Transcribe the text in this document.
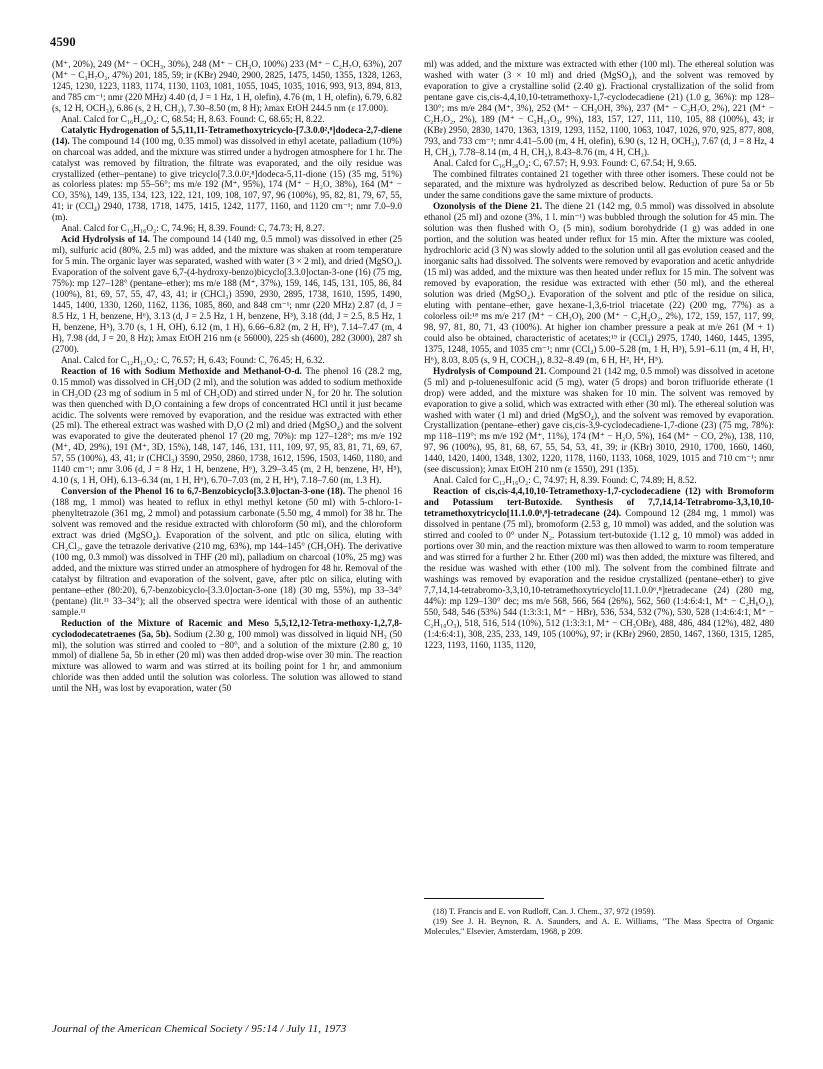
4590

(M⁺, 20%), 249 (M⁺ − OCH₃, 30%), 248 (M⁺ − CH₃O, 100%) 233 (M⁺ − C₂H₇O, 63%), 207 (M⁺ − C₃H₇O₂, 47%) 201, 185, 59; ir (KBr) 2940, 2900, 2825, 1475, 1450, 1355, 1328, 1263, 1245, 1230, 1223, 1183, 1174, 1130, 1103, 1081, 1055, 1045, 1035, 1016, 993, 913, 894, 813, and 785 cm⁻¹; nmr (220 MHz) 4.40 (d, J = 1 Hz, 1 H, olefin), 4.76 (m, 1 H, olefin), 6.79, 6.82 (s, 12 H, OCH₃), 6.86 (s, 2 H, CH₂), 7.30–8.50 (m, 8 H); λmax EtOH 244.5 nm (ε 17.000).

Anal. Calcd for C₁₆H₂₄O₄: C, 68.54; H, 8.63. Found: C, 68.65; H, 8.22.

Catalytic Hydrogenation of 5,5,11,11-Tetramethoxytricyclo-[7.3.0.0²,⁸]dodeca-2,7-diene (14). The compound 14 (100 mg, 0.35 mmol) was dissolved in ethyl acetate, palladium (10%) on charcoal was added, and the mixture was stirred under a hydrogen atmosphere for 1 hr. The catalyst was removed by filtration, the filtrate was evaporated, and the oily residue was crystallized (ether–pentane) to give tricyclo[7.3.0.0²,⁸]dodeca-5,11-dione (15) (35 mg, 51%) as colorless plates: mp 55–56°; ms m/e 192 (M⁺, 95%), 174 (M⁺ − H₂O, 38%), 164 (M⁺ − CO, 35%), 149, 135, 134, 123, 122, 121, 109, 108, 107, 97, 96 (100%), 95, 82, 81, 79, 67, 55, 41; ir (CCl₄) 2940, 1738, 1718, 1475, 1415, 1242, 1177, 1160, and 1120 cm⁻¹; nmr 7.0–9.0 (m).

Anal. Calcd for C₁₂H₁₆O₂: C, 74.96; H, 8.39. Found: C, 74.73; H, 8.27.

Acid Hydrolysis of 14. The compound 14 (140 mg, 0.5 mmol) was dissolved in ether (25 ml), sulfuric acid (80%, 2.5 ml) was added, and the mixture was shaken at room temperature for 5 min. The organic layer was separated, washed with water (3 × 2 ml), and dried (MgSO₄). Evaporation of the solvent gave 6,7-(4-hydroxy-benzo)bicyclo[3.3.0]octan-3-one (16) (75 mg, 75%): mp 127–128° (pentane–ether); ms m/e 188 (M⁺, 37%), 159, 146, 145, 131, 105, 86, 84 (100%), 81, 69, 57, 55, 47, 43, 41; ir (CHCl₃) 3590, 2930, 2895, 1738, 1610, 1595, 1490, 1445, 1400, 1330, 1260, 1162, 1136, 1085, 860, and 848 cm⁻¹; nmr (220 MHz) 2.87 (d, J = 8.5 Hz, 1 H, benzene, H⁶), 3.13 (d, J = 2.5 Hz, 1 H, benzene, H³), 3.18 (dd, J = 2.5, 8.5 Hz, 1 H, benzene, H⁵), 3.70 (s, 1 H, OH), 6.12 (m, 1 H), 6.66–6.82 (m, 2 H, H⁶), 7.14–7.47 (m, 4 H), 7.98 (dd, J = 20, 8 Hz); λmax EtOH 216 nm (ε 56000), 225 sh (4600), 282 (3000), 287 sh (2700).

Anal. Calcd for C₁₂H₁₂O₂: C, 76.57; H, 6.43; Found: C, 76.45; H, 6.32.

Reaction of 16 with Sodium Methoxide and Methanol-O-d. The phenol 16 (28.2 mg, 0.15 mmol) was dissolved in CH₃OD (2 ml), and the solution was added to sodium methoxide in CH₃OD (23 mg of sodium in 5 ml of CH₃OD) and stirred under N₂ for 20 hr. The solution was then quenched with D₂O containing a few drops of concentrated HCl until it just became acidic. The solvents were removed by evaporation, and the residue was extracted with ether (25 ml). The ethereal extract was washed with D₂O (2 ml) and dried (MgSO₄) and the solvent was evaporated to give the deuterated phenol 17 (20 mg, 70%): mp 127–128°; ms m/e 192 (M⁺, 4D, 29%), 191 (M⁺, 3D, 15%), 148, 147, 146, 131, 111, 109, 97, 95, 83, 81, 71, 69, 67, 57, 55 (100%), 43, 41; ir (CHCl₃) 3590, 2950, 2860, 1738, 1612, 1596, 1503, 1460, 1180, and 1140 cm⁻¹; nmr 3.06 (d, J = 8 Hz, 1 H, benzene, H⁶), 3.29–3.45 (m, 2 H, benzene, H³, H⁵), 4.10 (s, 1 H, OH), 6.13–6.34 (m, 1 H, H⁶), 6.70–7.03 (m, 2 H, H⁶), 7.18–7.60 (m, 1.3 H).

Conversion of the Phenol 16 to 6,7-Benzobicyclo[3.3.0]octan-3-one (18). The phenol 16 (188 mg, 1 mmol) was heated to reflux in ethyl methyl ketone (50 ml) with 5-chloro-1-phenyltetrazole (361 mg, 2 mmol) and potassium carbonate (5.50 mg, 4 mmol) for 38 hr. The solvent was removed and the residue extracted with chloroform (50 ml), and the chloroform extract was dried (MgSO₄). Evaporation of the solvent, and ptlc on silica, eluting with CH₂Cl₂, gave the tetrazole derivative (210 mg, 63%), mp 144–145° (CH₃OH). The derivative (100 mg, 0.3 mmol) was dissolved in THF (20 ml), palladium on charcoal (10%, 25 mg) was added, and the mixture was stirred under an atmosphere of hydrogen for 48 hr. Removal of the catalyst by filtration and evaporation of the solvent, gave, after ptlc on silica, eluting with pentane–ether (80:20), 6,7-benzobicyclo-[3.3.0]octan-3-one (18) (30 mg, 55%), mp 33–34° (pentane) (lit.¹¹ 33–34°); all the observed spectra were identical with those of an authentic sample.¹¹

Reduction of the Mixture of Racemic and Meso 5,5,12,12-Tetra-methoxy-1,2,7,8-cyclododecatetraenes (5a, 5b). Sodium (2.30 g, 100 mmol) was dissolved in liquid NH₃ (50 ml), the solution was stirred and cooled to −80°, and a solution of the mixture (2.80 g, 10 mmol) of diallene 5a, 5b in ether (20 ml) was then added drop-wise over 30 min. The reaction mixture was allowed to warm and was stirred at its boiling point for 1 hr, and ammonium chloride was then added until the solution was colorless. The solution was allowed to stand until the NH₃ was lost by evaporation, water (50

ml) was added, and the mixture was extracted with ether (100 ml). The ethereal solution was washed with water (3 × 10 ml) and dried (MgSO₄), and the solvent was removed by evaporation to give a crystalline solid (2.40 g). Fractional crystallization of the solid from pentane gave cis,cis-4,4,10,10-tetramethoxy-1,7-cyclodecadiene (21) (1.0 g, 36%): mp 128–130°; ms m/e 284 (M⁺, 3%), 252 (M⁺ − CH₃OH, 3%), 237 (M⁺ − C₂H₇O, 2%), 221 (M⁺ − C₂H₇O₂, 2%), 189 (M⁺ − C₃H₁₁O₃, 9%), 183, 157, 127, 111, 110, 105, 88 (100%), 43; ir (KBr) 2950, 2830, 1470, 1363, 1319, 1293, 1152, 1100, 1063, 1047, 1026, 970, 925, 877, 808, 793, and 733 cm⁻¹; nmr 4.41–5.00 (m, 4 H, olefin), 6.90 (s, 12 H, OCH₃), 7.67 (d, J = 8 Hz, 4 H, CH₂), 7.78–8.14 (m, 4 H, CH₂), 8.43–8.76 (m, 4 H, CH₂).

Anal. Calcd for C₁₆H₂₈O₄: C, 67.57; H, 9.93. Found: C, 67.54; H, 9.65.

The combined filtrates contained 21 together with three other isomers. These could not be separated, and the mixture was hydrolyzed as described below. Reduction of pure 5a or 5b under the same conditions gave the same mixture of products.

Ozonolysis of the Diene 21. The diene 21 (142 mg, 0.5 mmol) was dissolved in absolute ethanol (25 ml) and ozone (3%, 1 l. min⁻¹) was bubbled through the solution for 45 min. The solution was then flushed with O₂ (5 min), sodium borohydride (1 g) was added in one portion, and the solution was heated under reflux for 15 min. After the mixture was cooled, hydrochloric acid (3 N) was slowly added to the solution until all gas evolution ceased and the inorganic salts had dissolved. The solvents were removed by evaporation and acetic anhydride (15 ml) was added, and the mixture was then heated under reflux for 15 min. The solvent was removed by evaporation, the residue was extracted with ether (50 ml), and the ethereal solution was dried (MgSO₄). Evaporation of the solvent and ptlc of the residue on silica, eluting with pentane–ether, gave hexane-1,3,6-triol triacetate (22) (200 mg, 77%) as a colorless oil:¹⁸ ms m/e 217 (M⁺ − CH₃O), 200 (M⁺ − C₂H₄O₂, 2%), 172, 159, 157, 117, 99, 98, 97, 81, 80, 71, 43 (100%). At higher ion chamber pressure a peak at m/e 261 (M + 1) could also be obtained, characteristic of acetates;¹⁹ ir (CCl₄) 2975, 1740, 1460, 1445, 1395, 1375, 1248, 1055, and 1035 cm⁻¹; nmr (CCl₄) 5.00–5.28 (m, 1 H, H³), 5.91–6.11 (m, 4 H, H¹, H⁶), 8.03, 8.05 (s, 9 H, COCH₃), 8.32–8.49 (m, 6 H, H², H⁴, H⁵).

Hydrolysis of Compound 21. Compound 21 (142 mg, 0.5 mmol) was dissolved in acetone (5 ml) and p-toluenesulfonic acid (5 mg), water (5 drops) and boron trifluoride etherate (1 drop) were added, and the mixture was shaken for 10 min. The solvent was removed by evaporation to give a solid, which was extracted with ether (30 ml). The ethereal solution was washed with water (1 ml) and dried (MgSO₄), and the solvent was removed by evaporation. Crystallization (pentane–ether) gave cis,cis-3,9-cyclodecadiene-1,7-dione (23) (75 mg, 78%): mp 118–119°; ms m/e 192 (M⁺, 11%), 174 (M⁺ − H₂O, 5%), 164 (M⁺ − CO, 2%), 138, 110, 97, 96 (100%), 95, 81, 68, 67, 55, 54, 53, 41, 39; ir (KBr) 3010, 2910, 1700, 1660, 1460, 1440, 1420, 1400, 1348, 1302, 1220, 1178, 1160, 1133, 1068, 1029, 1015 and 710 cm⁻¹; nmr (see discussion); λmax EtOH 210 nm (ε 1550), 291 (135).

Anal. Calcd for C₁₂H₁₆O₂: C, 74.97; H, 8.39. Found: C, 74.89; H, 8.52.

Reaction of cis,cis-4,4,10,10-Tetramethoxy-1,7-cyclodecadiene (12) with Bromoform and Potassium tert-Butoxide. Synthesis of 7,7,14,14-Tetrabromo-3,3,10,10-tetramethoxytricyclo[11.1.0.0⁶,⁸]-tetradecane (24). Compound 12 (284 mg, 1 mmol) was dissolved in pentane (75 ml), bromoform (2.53 g, 10 mmol) was added, and the solution was stirred and cooled to 0° under N₂. Potassium tert-butoxide (1.12 g, 10 mmol) was added in portions over 30 min, and the reaction mixture was then allowed to warm to room temperature and was stirred for a further 2 hr. Ether (200 ml) was then added, the mixture was filtered, and the residue was washed with ether (100 ml). The solvent from the combined filtrate and washings was removed by evaporation and the residue crystallized (pentane–ether) to give 7,7,14,14-tetrabromo-3,3,10,10-tetramethoxytricyclo[11.1.0.0⁶,⁸]tetradecane (24) (280 mg, 44%): mp 129–130° dec; ms m/e 568, 566, 564 (26%), 562, 560 (1:4:6:4:1, M⁺ − C₂H₆O₂), 550, 548, 546 (53%) 544 (1:3:3:1, M⁺ − HBr), 536, 534, 532 (7%), 530, 528 (1:4:6:4:1, M⁺ − C₂H₁₀O₃), 518, 516, 514 (10%), 512 (1:3:3:1, M⁺ − CH₃OBr), 488, 486, 484 (12%), 482, 480 (1:4:6:4:1), 308, 235, 233, 149, 105 (100%), 97; ir (KBr) 2960, 2850, 1467, 1360, 1315, 1285, 1223, 1193, 1160, 1135, 1120,

(18) T. Francis and E. von Rudloff, Can. J. Chem., 37, 972 (1959).

(19) See J. H. Beynon, R. A. Saunders, and A. E. Williams, "The Mass Spectra of Organic Molecules," Elsevier, Amsterdam, 1968, p 209.

Journal of the American Chemical Society / 95:14 / July 11, 1973
